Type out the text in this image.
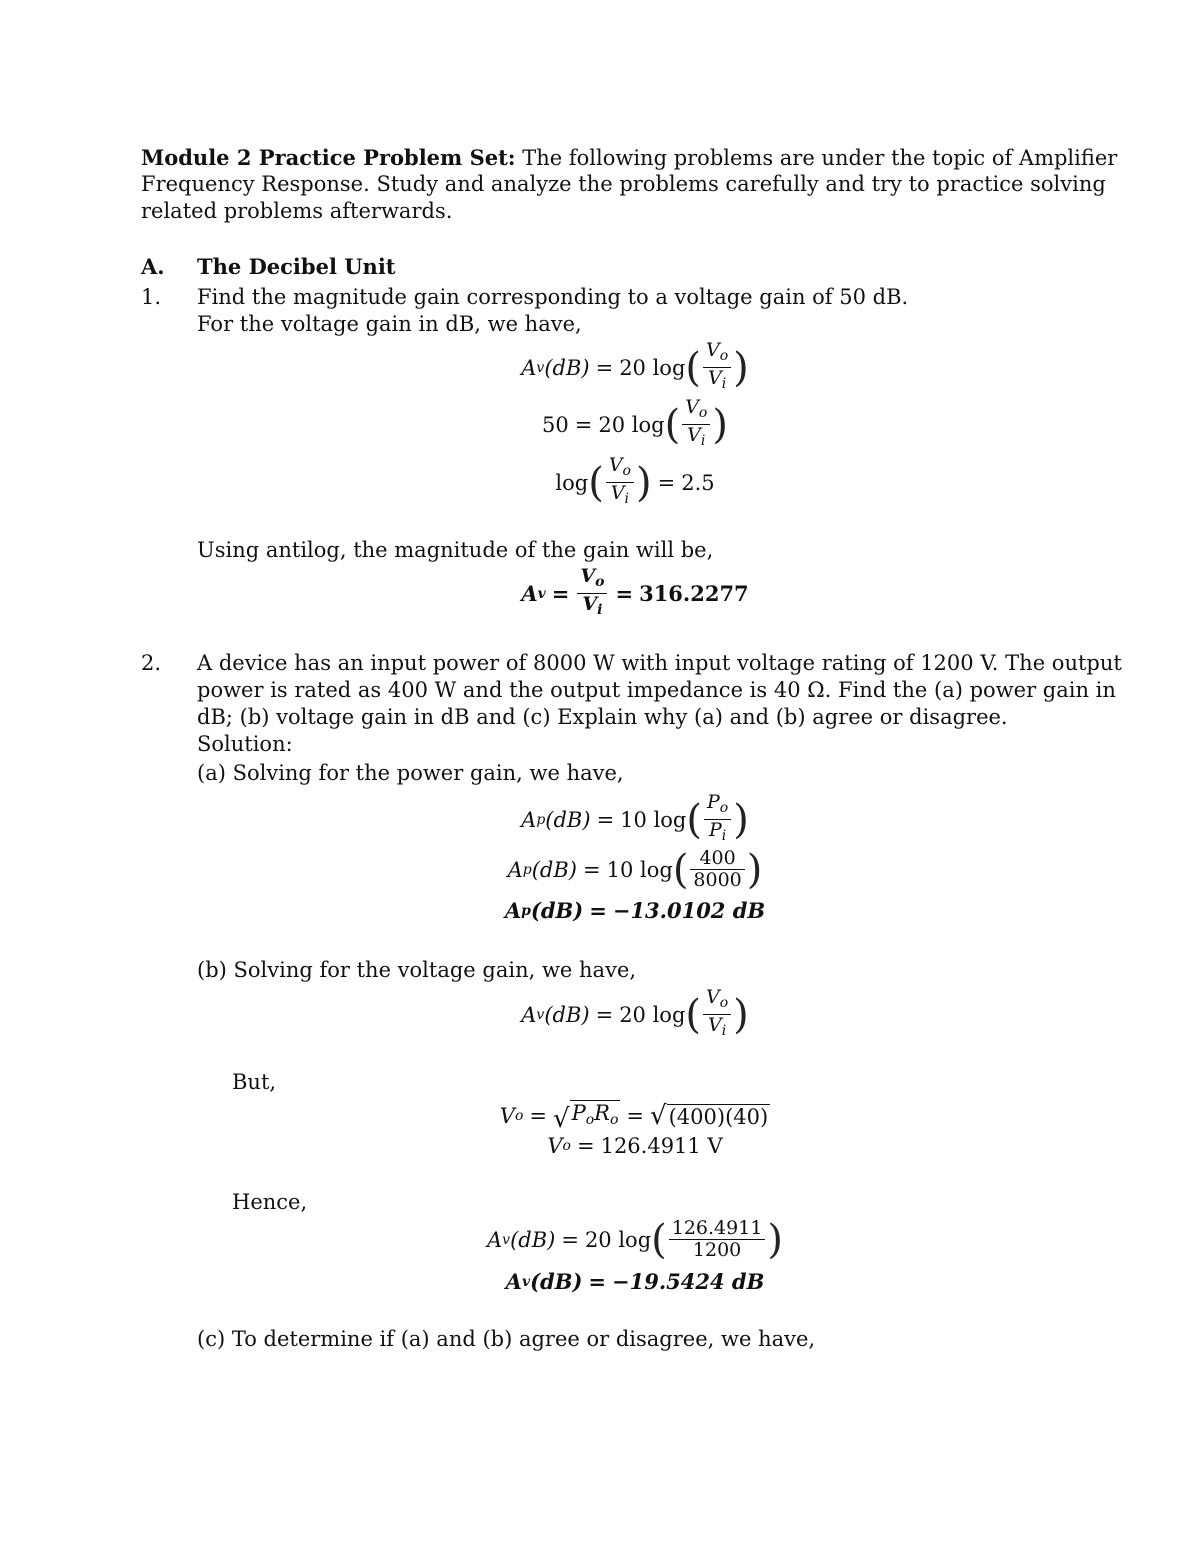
Module 2 Practice Problem Set: The following problems are under the topic of Amplifier
Frequency Response. Study and analyze the problems carefully and try to practice solving
related problems afterwards.
A. The Decibel Unit
1. Find the magnitude gain corresponding to a voltage gain of 50 dB.
For the voltage gain in dB, we have,
A v (dB) = 20 log ( $\frac{V_o}{V_i}$ )
50 = 20 log ( $\frac{V_o}{V_i}$ )
log ( $\frac{V_o}{V_i}$ ) = 2.5
Using antilog, the magnitude of the gain will be,
A $v = \frac{V_o}{V_i} = 316.2277$
2. A device has an input power of 8000 W with input voltage rating of 1200 V. The output
power is rated as 400 W and the output impedance is 40 Ω. Find the (a) power gain in
dB; (b) voltage gain in dB and (c) Explain why (a) and (b) agree or disagree.
Solution:
(a) Solving for the power gain, we have,
A p (dB) = 10 log ( $\frac{P_o}{P_i}$ )
A p (dB) = 10 log ( $\frac{400}{8000}$ )
A p (dB) = −13.0102 dB
(b) Solving for the voltage gain, we have,
A v (dB) = 20 log ( $\frac{V_o}{V_i}$ )
But,
V o = √ $P_oR_o$ = √ (400)(40)
V o = 126.4911 V
Hence,
A v (dB) = 20 log ( $\frac{126.4911}{1200}$ )
A v (dB) = −19.5424 dB
(c) To determine if (a) and (b) agree or disagree, we have,
